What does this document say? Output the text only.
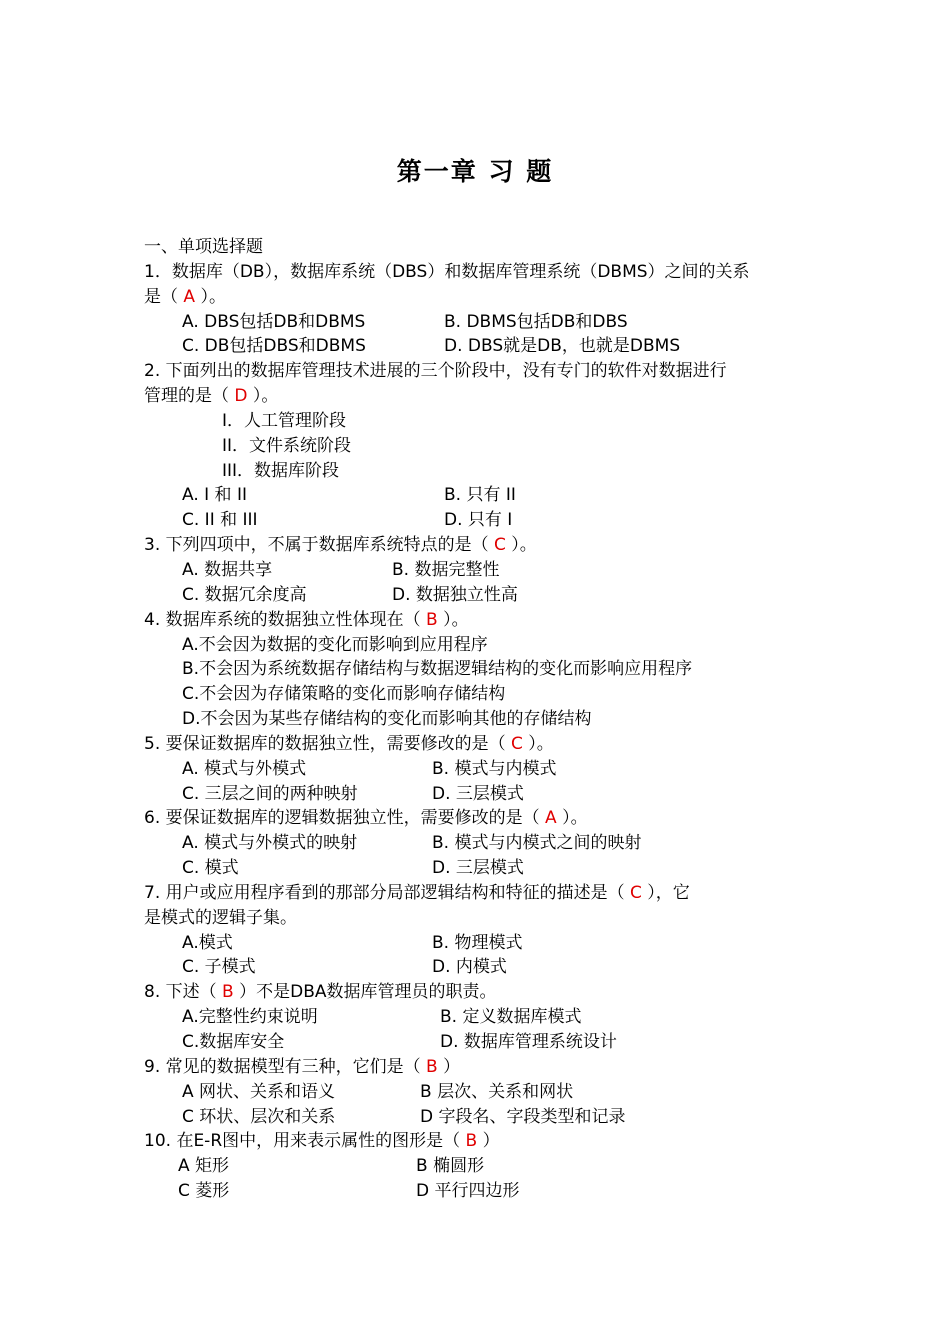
第一章 习 题
一、单项选择题
1．数据库（DB），数据库系统（DBS）和数据库管理系统（DBMS）之间的关系
是（ A ）。
A. DBS包括DB和DBMS	B. DBMS包括DB和DBS
C. DB包括DBS和DBMS	D. DBS就是DB，也就是DBMS
2. 下面列出的数据库管理技术进展的三个阶段中，没有专门的软件对数据进行
管理的是（ D ）。
I．人工管理阶段
II．文件系统阶段
III．数据库阶段
A. I 和 II	B. 只有 II
C. II 和 III	D. 只有 I
3. 下列四项中，不属于数据库系统特点的是（ C ）。
A. 数据共享	B. 数据完整性
C. 数据冗余度高	D. 数据独立性高
4. 数据库系统的数据独立性体现在（ B ）。
A.不会因为数据的变化而影响到应用程序
B.不会因为系统数据存储结构与数据逻辑结构的变化而影响应用程序
C.不会因为存储策略的变化而影响存储结构
D.不会因为某些存储结构的变化而影响其他的存储结构
5. 要保证数据库的数据独立性，需要修改的是（ C ）。
A. 模式与外模式	B. 模式与内模式
C. 三层之间的两种映射	D. 三层模式
6. 要保证数据库的逻辑数据独立性，需要修改的是（ A ）。
A. 模式与外模式的映射	B. 模式与内模式之间的映射
C. 模式	D. 三层模式
7. 用户或应用程序看到的那部分局部逻辑结构和特征的描述是（ C ），它
是模式的逻辑子集。
A.模式	B. 物理模式
C. 子模式	D. 内模式
8. 下述（ B ）不是DBA数据库管理员的职责。
A.完整性约束说明	B. 定义数据库模式
C.数据库安全	D. 数据库管理系统设计
9. 常见的数据模型有三种，它们是（ B ）
A 网状、关系和语义	B 层次、关系和网状
C 环状、层次和关系	D 字段名、字段类型和记录
10. 在E-R图中，用来表示属性的图形是（ B ）
A 矩形	B 椭圆形
C 菱形	D 平行四边形
